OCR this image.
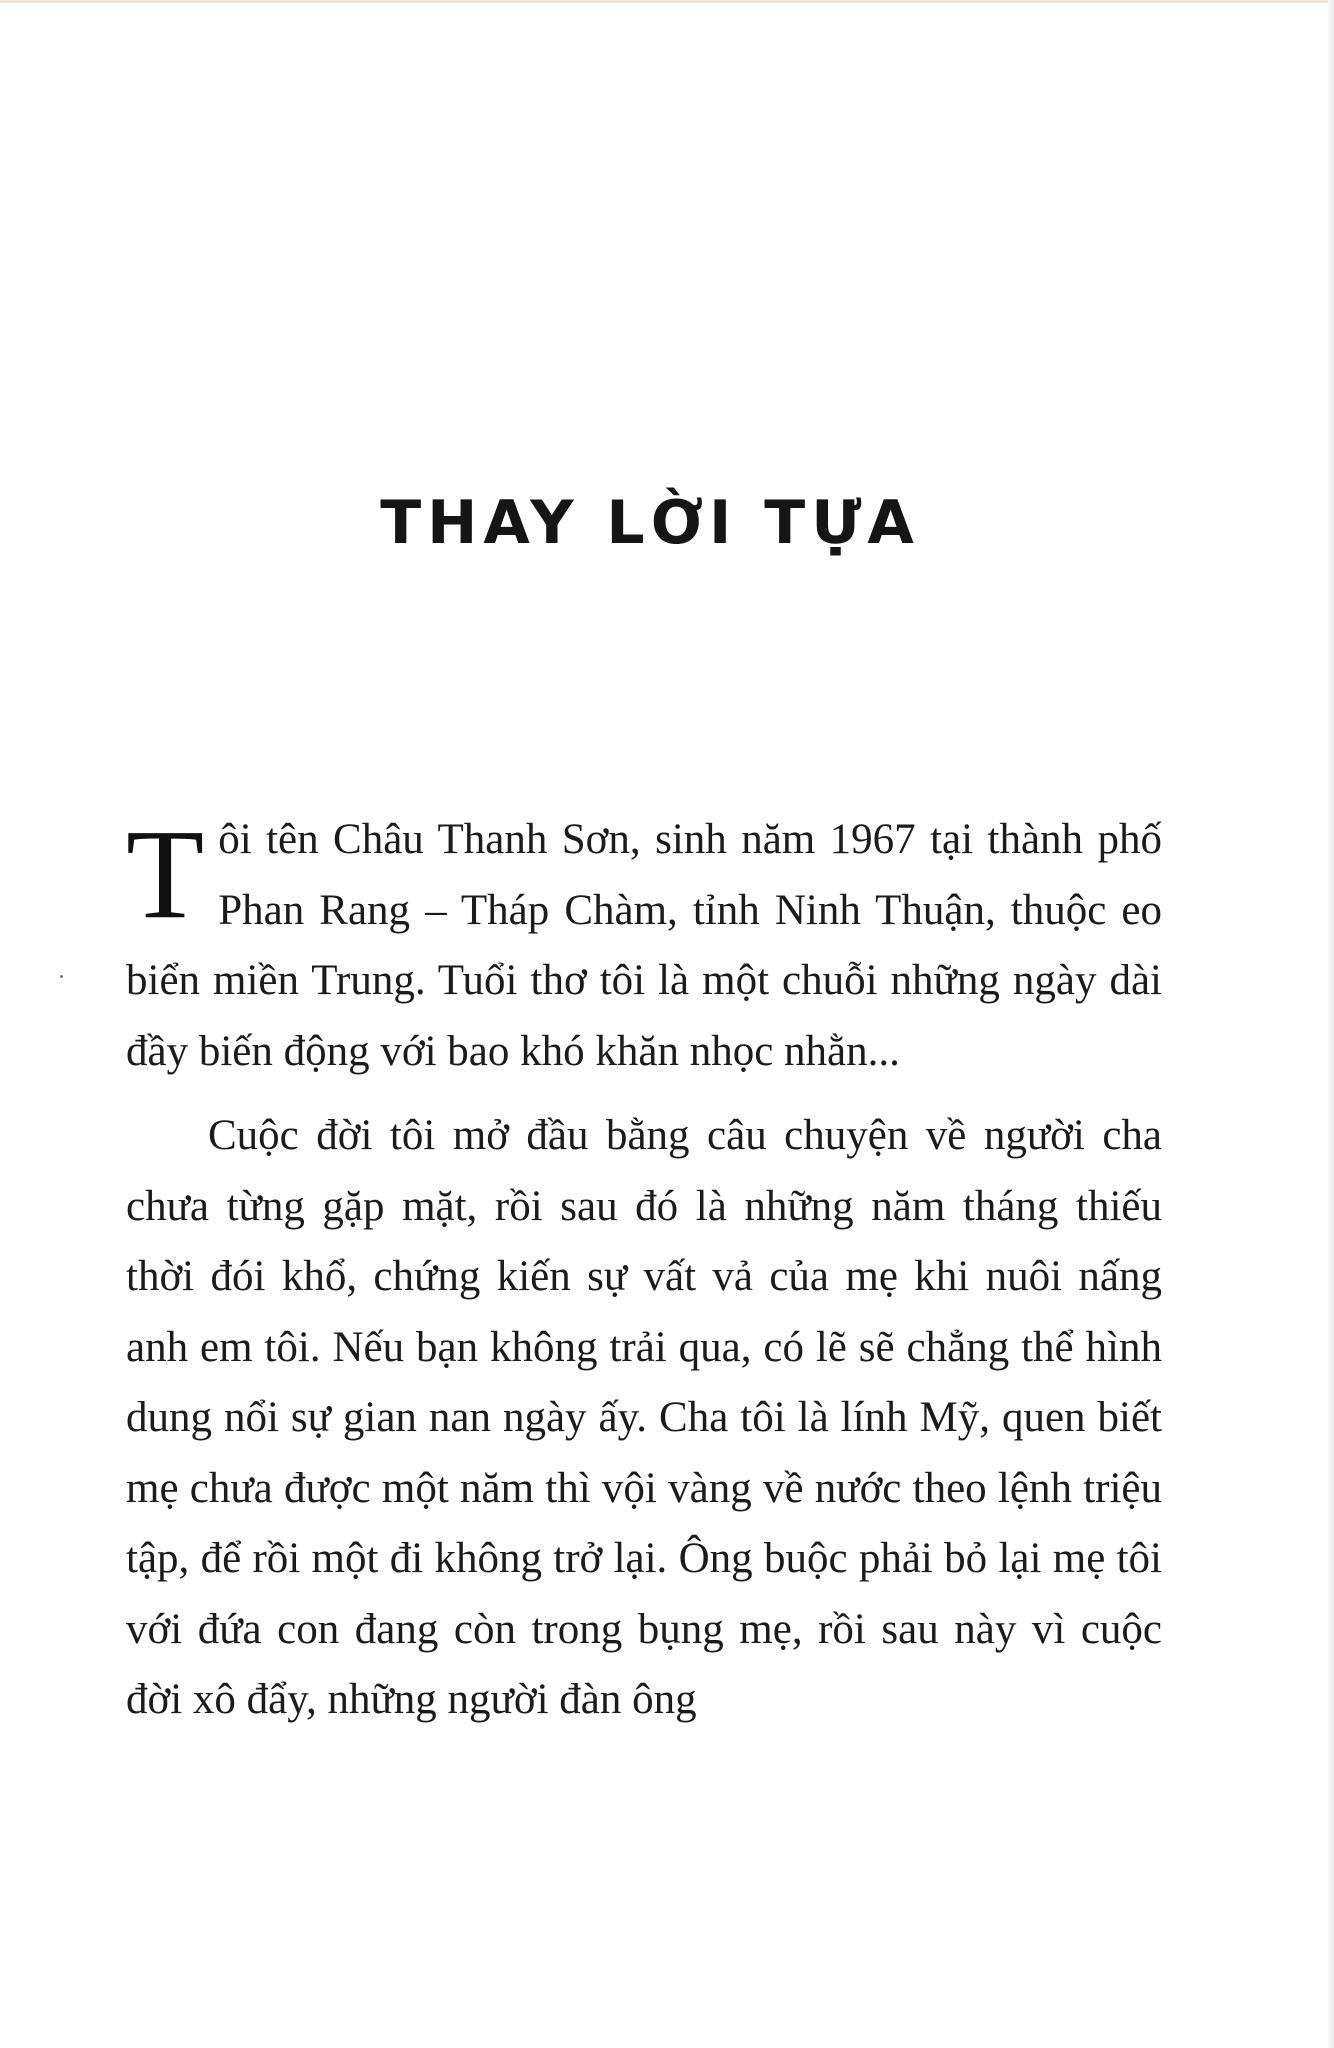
THAY LỜI TỰA

Tôi tên Châu Thanh Sơn, sinh năm 1967 tại thành phố Phan Rang – Tháp Chàm, tỉnh Ninh Thuận, thuộc eo biển miền Trung. Tuổi thơ tôi là một chuỗi những ngày dài đầy biến động với bao khó khăn nhọc nhằn...

Cuộc đời tôi mở đầu bằng câu chuyện về người cha chưa từng gặp mặt, rồi sau đó là những năm tháng thiếu thời đói khổ, chứng kiến sự vất vả của mẹ khi nuôi nấng anh em tôi. Nếu bạn không trải qua, có lẽ sẽ chẳng thể hình dung nổi sự gian nan ngày ấy. Cha tôi là lính Mỹ, quen biết mẹ chưa được một năm thì vội vàng về nước theo lệnh triệu tập, để rồi một đi không trở lại. Ông buộc phải bỏ lại mẹ tôi với đứa con đang còn trong bụng mẹ, rồi sau này vì cuộc đời xô đẩy, những người đàn ông
